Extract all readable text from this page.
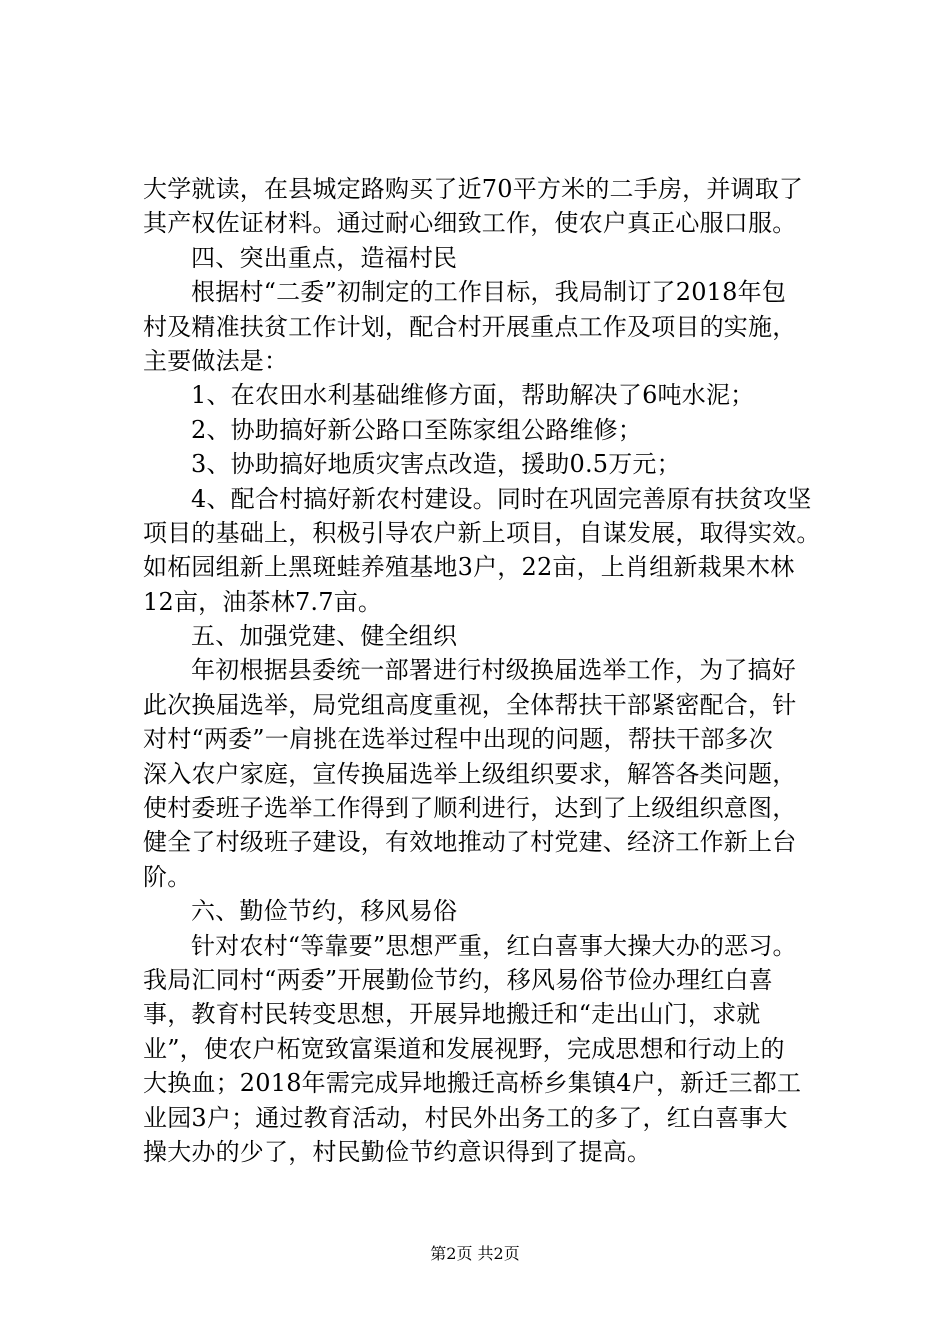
大学就读，在县城定路购买了近70平方米的二手房，并调取了
其产权佐证材料。通过耐心细致工作，使农户真正心服口服。
四、突出重点，造福村民
根据村“二委”初制定的工作目标，我局制订了2018年包
村及精准扶贫工作计划，配合村开展重点工作及项目的实施，
主要做法是：
1、在农田水利基础维修方面，帮助解决了6吨水泥；
2、协助搞好新公路口至陈家组公路维修；
3、协助搞好地质灾害点改造，援助0.5万元；
4、配合村搞好新农村建设。同时在巩固完善原有扶贫攻坚
项目的基础上，积极引导农户新上项目，自谋发展，取得实效。
如柘园组新上黑斑蛙养殖基地3户，22亩，上肖组新栽果木林
12亩，油茶林7.7亩。
五、加强党建、健全组织
年初根据县委统一部署进行村级换届选举工作，为了搞好
此次换届选举，局党组高度重视，全体帮扶干部紧密配合，针
对村“两委”一肩挑在选举过程中出现的问题，帮扶干部多次
深入农户家庭，宣传换届选举上级组织要求，解答各类问题，
使村委班子选举工作得到了顺利进行，达到了上级组织意图，
健全了村级班子建设，有效地推动了村党建、经济工作新上台
阶。
六、勤俭节约，移风易俗
针对农村“等靠要”思想严重，红白喜事大操大办的恶习。
我局汇同村“两委”开展勤俭节约，移风易俗节俭办理红白喜
事，教育村民转变思想，开展异地搬迁和“走出山门，求就
业”，使农户柘宽致富渠道和发展视野，完成思想和行动上的
大换血；2018年需完成异地搬迁高桥乡集镇4户，新迁三都工
业园3户；通过教育活动，村民外出务工的多了，红白喜事大
操大办的少了，村民勤俭节约意识得到了提高。
第2页 共2页
